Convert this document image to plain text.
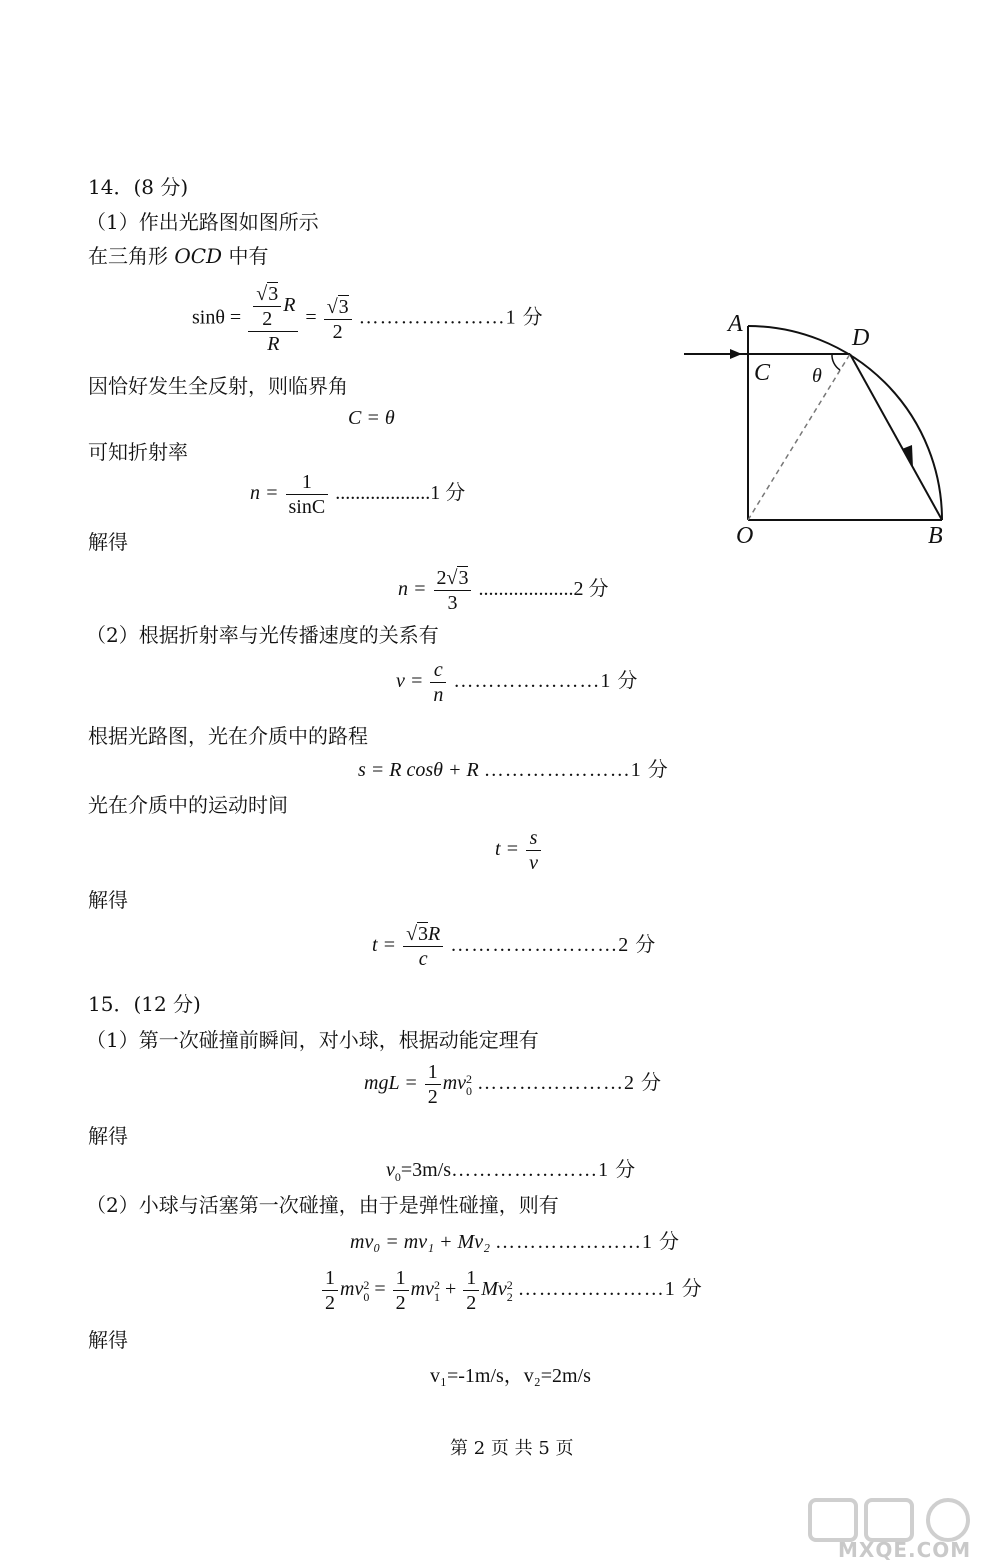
14．(8 分)
（1）作出光路图如图所示
在三角形 OCD 中有
$\sin\theta = \frac{\frac{√3}{2} R}{R} = \frac{√3}{2}$ …………………1 分
因恰好发生全反射，则临界角
C = θ
可知折射率
$n = \frac{1}{\sin C} ...................1$ 分
解得
$n = \frac{2√3}{3} ...................2$ 分
（2）根据折射率与光传播速度的关系有
$v = \frac{c}{n}$ …………………1 分
根据光路图，光在介质中的路程
s = R cosθ + R …………………1 分
光在介质中的运动时间
$t = \frac{s}{v}$
解得
$t = \frac{√3R}{c}$ ……………………2 分
A
C θ
D
O	B
15．(12 分)
（1）第一次碰撞前瞬间，对小球，根据动能定理有
mgL = $\frac{1}{2}$ mv 2
0 …………………2 分
解得
$v_0=3m/s\dots\dots\dots\dots\dots\dots\dots 1$ 分
（2）小球与活塞第一次碰撞，由于是弹性碰撞，则有
mv₀ = mv₁ + Mv₂ …………………1 分
$\frac{1}{2}$ mv 2
$0 = \frac{1}{2}$ mv 2
$1 + \frac{1}{2}$ Mv 2
2 …………………1 分
解得
v₁=-1m/s，v₂=2m/s
第 2 页 共 5 页
MXQE.COM
